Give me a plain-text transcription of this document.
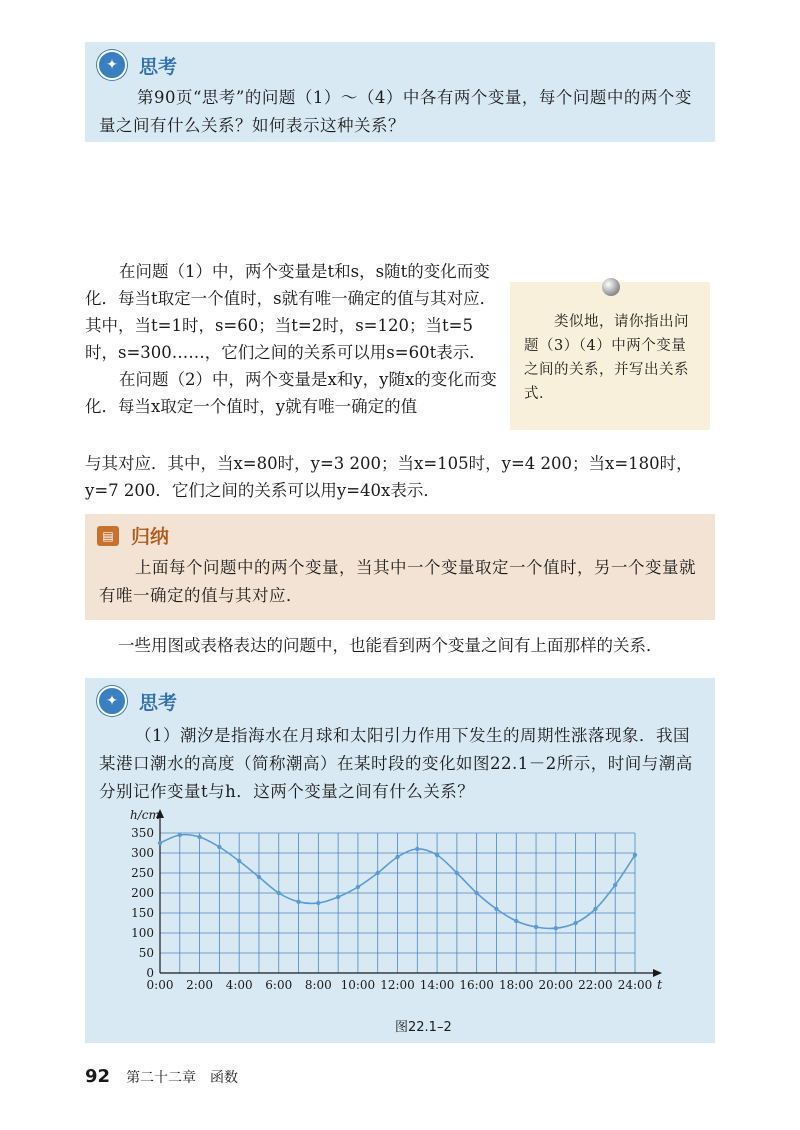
✦	思考
第90页“思考”的问题（1）～（4）中各有两个变量，每个问题中的两个变量之间有什么关系？如何表示这种关系？

在问题（1）中，两个变量是t和s，s随t的变化而变化．每当t取定一个值时，s就有唯一确定的值与其对应．其中，当t=1时，s=60；当t=2时，s=120；当t=5时，s=300……，它们之间的关系可以用s=60t表示．

在问题（2）中，两个变量是x和y，y随x的变化而变化．每当x取定一个值时，y就有唯一确定的值

与其对应．其中，当x=80时，y=3 200；当x=105时，y=4 200；当x=180时，y=7 200．它们之间的关系可以用y=40x表示．
类似地，请你指出问题（3）（4）中两个变量之间的关系，并写出关系式．
▤ 归纳
上面每个问题中的两个变量，当其中一个变量取定一个值时，另一个变量就有唯一确定的值与其对应．
一些用图或表格表达的问题中，也能看到两个变量之间有上面那样的关系．
✦	思考
（1）潮汐是指海水在月球和太阳引力作用下发生的周期性涨落现象．我国某港口潮水的高度（简称潮高）在某时段的变化如图22.1－2所示，时间与潮高分别记作变量t与h．这两个变量之间有什么关系？
0
50
100
150
200
250
300
350
0:00 2:00 4:00 6:00 8:00 10:00 12:00 14:00 16:00 18:00 20:00 22:00 24:00
h/cm
t
图22.1–2
92 第二十二章　函数
